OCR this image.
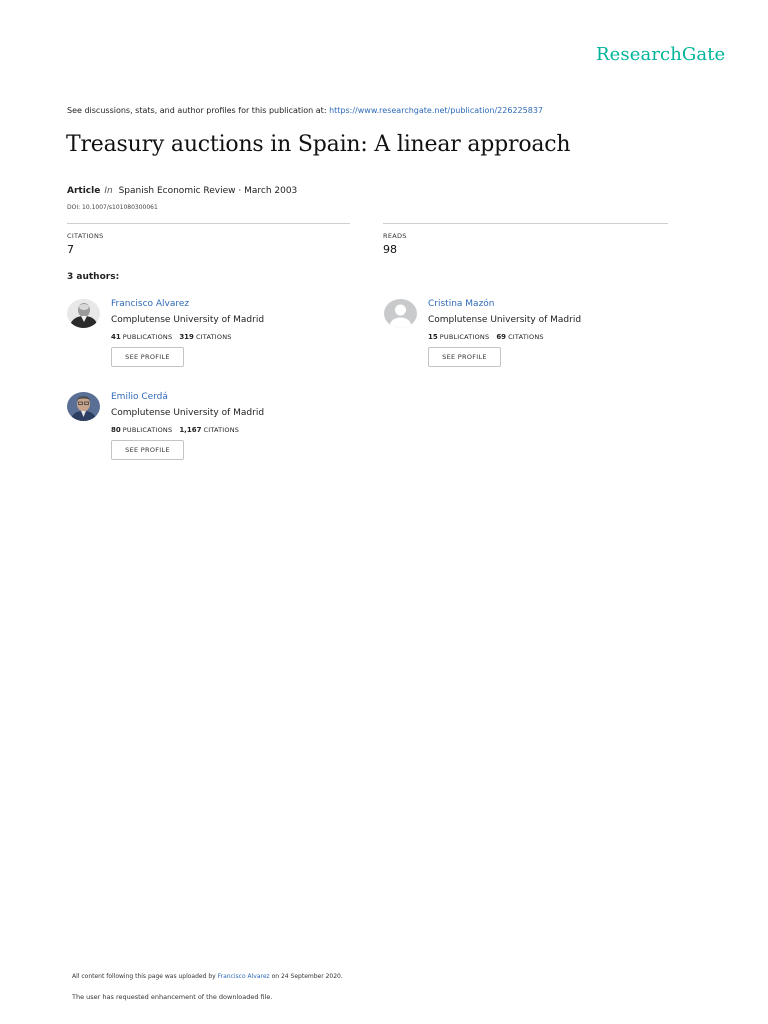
ResearchGate
See discussions, stats, and author profiles for this publication at: https://www.researchgate.net/publication/226225837
Treasury auctions in Spain: A linear approach
Article In Spanish Economic Review · March 2003
DOI: 10.1007/s101080300061
CITATIONS
7
READS
98
3 authors:
Francisco Alvarez
Complutense University of Madrid
41 PUBLICATIONS 319 CITATIONS
SEE PROFILE
Cristina Mazón
Complutense University of Madrid
15 PUBLICATIONS 69 CITATIONS
SEE PROFILE
Emilio Cerdá
Complutense University of Madrid
80 PUBLICATIONS 1,167 CITATIONS
SEE PROFILE
All content following this page was uploaded by Francisco Alvarez on 24 September 2020.
The user has requested enhancement of the downloaded file.
